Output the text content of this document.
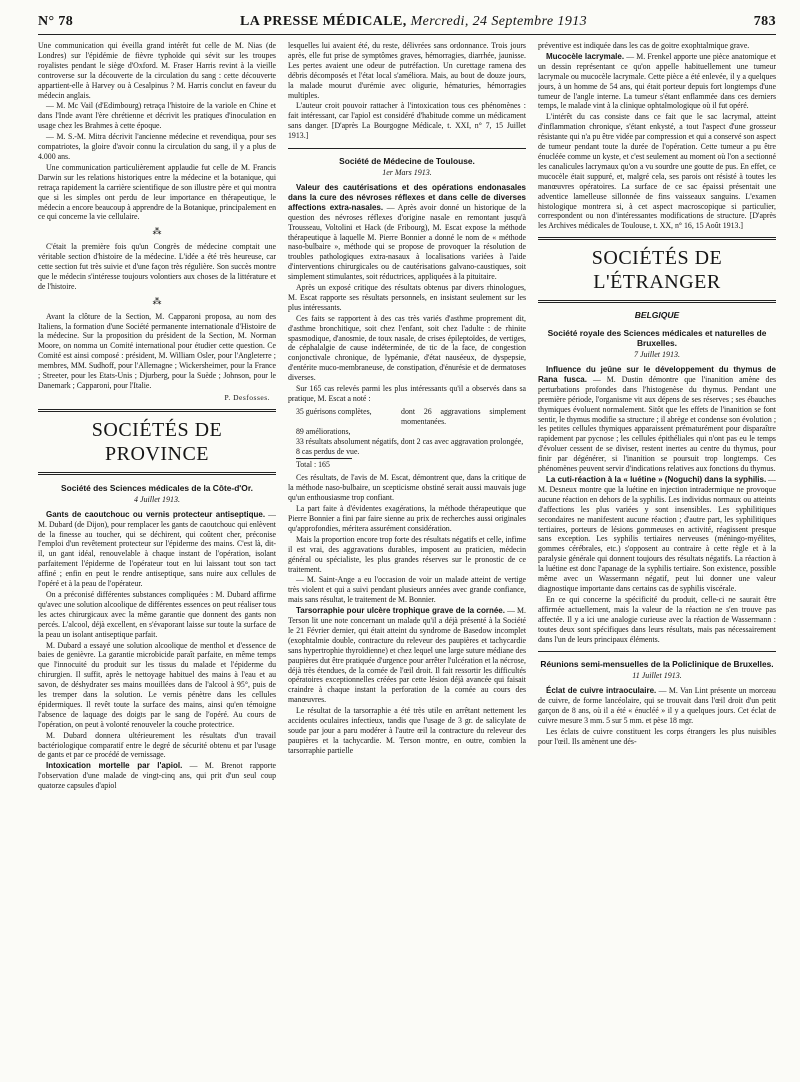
N° 78	LA PRESSE MÉDICALE, Mercredi, 24 Septembre 1913	783

Une communication qui éveilla grand intérêt fut celle de M. Nias (de Londres) sur l'épidémie de fièvre typhoïde qui sévit sur les troupes royalistes pendant le siège d'Oxford. M. Fraser Harris revint à la vieille controverse sur la découverte de la circulation du sang : cette découverte appartient-elle à Harvey ou à Cesalpinus ? M. Harris conclut en faveur du médecin anglais.

— M. Mc Vail (d'Edimbourg) retraça l'histoire de la variole en Chine et dans l'Inde avant l'ère chrétienne et décrivit les pratiques d'inoculation en usage chez les Brahmes à cette époque.

— M. S.-M. Mitra décrivit l'ancienne médecine et revendiqua, pour ses compatriotes, la gloire d'avoir connu la circulation du sang, il y a plus de 4.000 ans.

Une communication particulièrement applaudie fut celle de M. Francis Darwin sur les relations historiques entre la médecine et la botanique, qui retraça rapidement la carrière scientifique de son illustre père et qui montra que si les simples ont perdu de leur importance en thérapeutique, le médecin a encore beaucoup à apprendre de la Botanique, principalement en ce qui concerne la vie cellulaire.

⁂

C'était la première fois qu'un Congrès de médecine comptait une véritable section d'histoire de la médecine. L'idée a été très heureuse, car cette section fut très suivie et d'une façon très régulière. Son succès montre que le médecin s'intéresse toujours volontiers aux choses de la littérature et de l'histoire.

⁂

Avant la clôture de la Section, M. Capparoni proposa, au nom des Italiens, la formation d'une Société permanente internationale d'Histoire de la médecine. Sur la proposition du président de la Section, M. Norman Moore, on nomma un Comité international pour étudier cette question. Ce Comité est ainsi composé : président, M. William Osler, pour l'Angleterre ; membres, MM. Sudhoff, pour l'Allemagne ; Wickersheimer, pour la France ; Streeter, pour les Etats-Unis ; Djurberg, pour la Suède ; Johnson, pour le Danemark ; Capparoni, pour l'Italie.

P. Desfosses.
SOCIÉTÉS DE PROVINCE
Société des Sciences médicales de la Côte-d'Or.
4 Juillet 1913.

Gants de caoutchouc ou vernis protecteur antiseptique. — M. Dubard (de Dijon), pour remplacer les gants de caoutchouc qui enlèvent de la finesse au toucher, qui se déchirent, qui coûtent cher, préconise l'emploi d'un revêtement protecteur sur l'épiderme des mains. C'est là, dit-il, un gant idéal, renouvelable à chaque instant de l'opération, isolant parfaitement l'épiderme de l'opérateur tout en lui laissant tout son tact affiné ; enfin en peut le rendre antiseptique, sans nuire aux cellules de l'opéré et à la peau de l'opérateur.

On a préconisé différentes substances compliquées : M. Dubard affirme qu'avec une solution alcoolique de différentes essences on peut réaliser tous les actes chirurgicaux avec la même garantie que donnent des gants non percés. L'alcool, déjà excellent, en s'évaporant laisse sur toute la surface de la peau un isolant antiseptique parfait.

M. Dubard a essayé une solution alcoolique de menthol et d'essence de baies de genièvre. La garantie microbicide paraît parfaite, en même temps que l'innocuité du produit sur les tissus du malade et l'épiderme du chirurgien. Il suffit, après le nettoyage habituel des mains à l'eau et au savon, de déshydrater ses mains mouillées dans de l'alcool à 95°, puis de les tremper dans la solution. Le vernis pénètre dans les cellules épidermiques. Il revêt toute la surface des mains, ainsi qu'en témoigne l'absence de laquage des doigts par le sang de l'opéré. Au cours de l'opération, on peut à volonté renouveler la couche protectrice.

M. Dubard donnera ultérieurement les résultats d'un travail bactériologique comparatif entre le degré de sécurité obtenu et par l'usage de gants et par ce procédé de vernissage.

Intoxication mortelle par l'apiol. — M. Brenot rapporte l'observation d'une malade de vingt-cinq ans, qui prit d'un seul coup quatorze capsules d'apiol

lesquelles lui avaient été, du reste, délivrées sans ordonnance. Trois jours après, elle fut prise de symptômes graves, hémorragies, diarrhée, jaunisse. Les pertes avaient une odeur de putréfaction. Un curettage ramena des débris décomposés et l'état local s'améliora. Mais, au bout de douze jours, la malade mourut d'urémie avec oligurie, hématuries, hémorragies multiples.

L'auteur croit pouvoir rattacher à l'intoxication tous ces phénomènes : fait intéressant, car l'apiol est considéré d'habitude comme un médicament sans danger. [D'après La Bourgogne Médicale, t. XXI, n° 7, 15 Juillet 1913.]

Société de Médecine de Toulouse.
1er Mars 1913.

Valeur des cautérisations et des opérations endonasales dans la cure des névroses réflexes et dans celle de diverses affections extra-nasales. — Après avoir donné un historique de la question des névroses réflexes d'origine nasale en remontant jusqu'à Trousseau, Voltolini et Hack (de Fribourg), M. Escat expose la méthode thérapeutique à laquelle M. Pierre Bonnier a donné le nom de « méthode naso-bulbaire », méthode qui se propose de provoquer la résolution de troubles pathologiques extra-nasaux à localisations variées à l'aide d'interventions chirurgicales ou de cautérisations galvano-caustiques, soit simplement stimulantes, soit réductrices, appliquées à la pituitaire.

Après un exposé critique des résultats obtenus par divers rhinologues, M. Escat rapporte ses résultats personnels, en insistant seulement sur les plus intéressants.

Ces faits se rapportent à des cas très variés d'asthme proprement dit, d'asthme bronchitique, soit chez l'enfant, soit chez l'adulte : de rhinite spasmodique, d'anosmie, de toux nasale, de crises épileptoïdes, de vertiges, de céphalalgie de cause indéterminée, de tic de la face, de congestion conjonctivale chronique, de lypémanie, d'état nauséeux, de dyspepsie, d'entérite muco-membraneuse, de constipation, d'énurésie et de dermatoses diverses.

Sur 165 cas relevés parmi les plus intéressants qu'il a observés dans sa pratique, M. Escat a noté :

35 guérisons complètes,	dont 26 aggravations simplement momentanées.
89 améliorations,
33 résultats absolument négatifs, dont 2 cas avec aggravation prolongée,
8 cas perdus de vue.
Total : 165

Ces résultats, de l'avis de M. Escat, démontrent que, dans la critique de la méthode naso-bulbaire, un scepticisme obstiné serait aussi mauvais juge qu'un enthousiasme trop confiant.

La part faite à d'évidentes exagérations, la méthode thérapeutique que Pierre Bonnier a fini par faire sienne au prix de recherches aussi originales qu'approfondies, méritera assurément considération.

Mais la proportion encore trop forte des résultats négatifs et celle, infime il est vrai, des aggravations durables, imposent au praticien, médecin général ou spécialiste, les plus grandes réserves sur le pronostic de ce traitement.

— M. Saint-Ange a eu l'occasion de voir un malade atteint de vertige très violent et qui a suivi pendant plusieurs années avec grande confiance, mais sans résultat, le traitement de M. Bonnier.

Tarsorraphie pour ulcère trophique grave de la cornée. — M. Terson lit une note concernant un malade qu'il a déjà présenté à la Société le 21 Février dernier, qui était atteint du syndrome de Basedow incomplet (exophtalmie double, contracture du releveur des paupières et tachycardie sans hypertrophie thyroïdienne) et chez lequel une large suture médiane des paupières dut être pratiquée d'urgence pour arrêter l'ulcération et la nécrose, déjà très étendues, de la cornée de l'œil droit. Il fait ressortir les difficultés opératoires exceptionnelles créées par cette lésion déjà avancée qui faisait craindre à chaque instant la perforation de la cornée au cours des manœuvres.

Le résultat de la tarsorraphie a été très utile en arrêtant nettement les accidents oculaires infectieux, tandis que l'usage de 3 gr. de salicylate de soude par jour a paru modérer à l'autre œil la contracture du releveur des paupières et la tachycardie. M. Terson montre, en outre, combien la tarsorraphie partielle

préventive est indiquée dans les cas de goitre exophtalmique grave.

Mucocèle lacrymale. — M. Frenkel apporte une pièce anatomique et un dessin représentant ce qu'on appelle habituellement une tumeur lacrymale ou mucocèle lacrymale. Cette pièce a été enlevée, il y a quelques jours, à un homme de 54 ans, qui était porteur depuis fort longtemps d'une tumeur de l'angle interne. La tumeur s'étant enflammée dans ces derniers temps, le malade vint à la clinique ophtalmologique où il fut opéré.

L'intérêt du cas consiste dans ce fait que le sac lacrymal, atteint d'inflammation chronique, s'étant enkysté, a tout l'aspect d'une grosseur résistante qui n'a pu être vidée par compression et qui a conservé son aspect de tumeur pendant toute la durée de l'opération. Cette tumeur a pu être énucléée comme un kyste, et c'est seulement au moment où l'on a sectionné les canalicules lacrymaux qu'on a vu sourdre une goutte de pus. En effet, ce mucocèle était suppuré, et, malgré cela, ses parois ont résisté à toutes les manœuvres opératoires. La surface de ce sac épaissi présentait une adventice lamelleuse sillonnée de fins vaisseaux sanguins. L'examen histologique montrera si, à cet aspect macroscopique si particulier, correspondent ou non d'intéressantes modifications de structure. [D'après les Archives médicales de Toulouse, t. XX, n° 16, 15 Août 1913.]

SOCIÉTÉS DE L'ÉTRANGER
BELGIQUE
Société royale des Sciences médicales et naturelles de Bruxelles.
7 Juillet 1913.

Influence du jeûne sur le développement du thymus de Rana fusca. — M. Dustin démontre que l'inanition amène des perturbations profondes dans l'histogenèse du thymus. Pendant une première période, l'organisme vit aux dépens de ses réserves ; ses ébauches thymiques évoluent normalement. Sitôt que les effets de l'inanition se font sentir, le thymus modifie sa structure ; il abrège et condense son évolution ; les petites cellules thymiques apparaissent prématurément pour disparaître rapidement par pycnose ; les cellules épithéliales qui n'ont pas eu le temps d'évoluer cessent de se diviser, restent inertes au centre du thymus, pour finir par dégénérer, si l'inanition se poursuit trop longtemps. Ces phénomènes peuvent servir d'indications relatives aux fonctions du thymus.

La cuti-réaction à la « luétine » (Noguchi) dans la syphilis. — M. Desneux montre que la luétine en injection intradermique ne provoque aucune réaction en dehors de la syphilis. Les individus normaux ou atteints d'affections les plus variées y sont insensibles. Les syphilitiques secondaires ne manifestent aucune réaction ; d'autre part, les syphilitiques tertiaires, porteurs de lésions gommeuses en activité, réagissent presque sans exception. Les syphilis tertiaires nerveuses (méningo-myélites, gommes cérébrales, etc.) s'opposent au contraire à cette règle et à la paralysie générale qui donnent toujours des résultats négatifs. La réaction à la luétine est donc l'apanage de la syphilis tertiaire. Son existence, possible même avec un Wassermann négatif, peut lui donner une valeur diagnostique importante dans certains cas de syphilis viscérale.

En ce qui concerne la spécificité du produit, celle-ci ne saurait être affirmée actuellement, mais la valeur de la réaction ne s'en trouve pas affectée. Il y a ici une analogie curieuse avec la réaction de Wassermann : toutes deux sont spécifiques dans leurs résultats, mais pas nécessairement dans l'un de leurs principaux éléments.

Réunions semi-mensuelles de la Policlinique de Bruxelles.
11 Juillet 1913.

Éclat de cuivre intraoculaire. — M. Van Lint présente un morceau de cuivre, de forme lancéolaire, qui se trouvait dans l'œil droit d'un petit garçon de 8 ans, où il a été « énucléé » il y a quelques jours. Cet éclat de cuivre mesure 3 mm. 5 sur 5 mm. et pèse 18 mgr.

Les éclats de cuivre constituent les corps étrangers les plus nuisibles pour l'œil. Ils amènent une dés-
